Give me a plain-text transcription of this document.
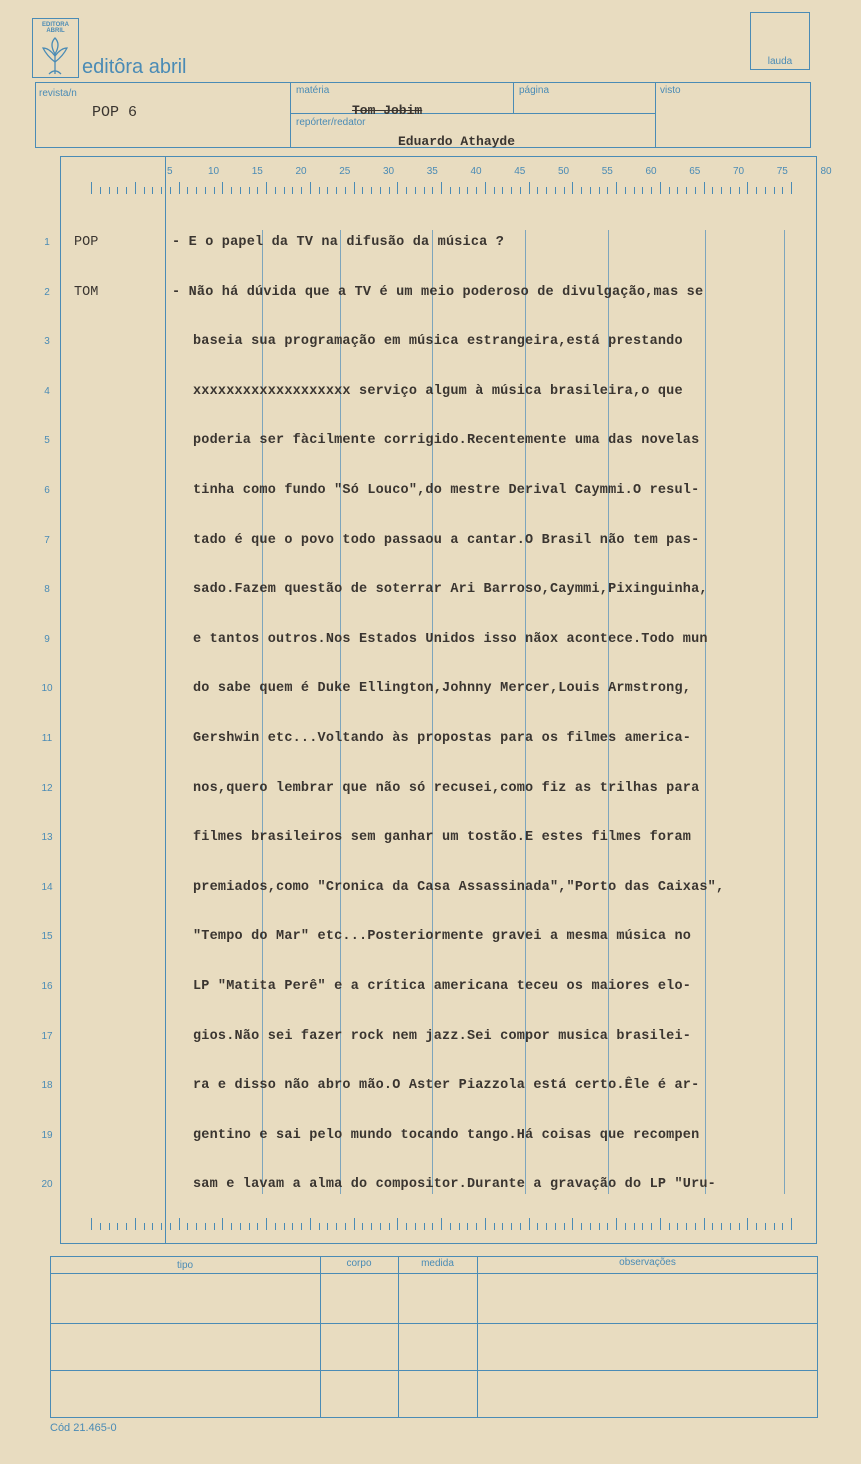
EDITORA ABRIL
editôra abril	lauda
revista/n
POP 6
matéria
Tom Jobim
repórter/redator
Eduardo Athayde
página	visto
5	10	15	20	25	30	35	40	45	50	55	60	65	70	75	80
1	POP	- E o papel da TV na difusão da música ?
2	TOM	- Não há dúvida que a TV é um meio poderoso de divulgação,mas se
3	baseia sua programação em música estrangeira,está prestando
4	xxxxxxxxxxxxxxxxxxx serviço algum à música brasileira,o que
5	poderia ser fàcilmente corrigido.Recentemente uma das novelas
6	tinha como fundo "Só Louco",do mestre Derival Caymmi.O resul-
7	tado é que o povo todo passaou a cantar.O Brasil não tem pas-
8	sado.Fazem questão de soterrar Ari Barroso,Caymmi,Pixinguinha,
9	e tantos outros.Nos Estados Unidos isso nãox acontece.Todo mun
10	do sabe quem é Duke Ellington,Johnny Mercer,Louis Armstrong,
11	Gershwin etc...Voltando às propostas para os filmes america-
12	nos,quero lembrar que não só recusei,como fiz as trilhas para
13	filmes brasileiros sem ganhar um tostão.E estes filmes foram
14	premiados,como "Cronica da Casa Assassinada","Porto das Caixas",
15	"Tempo do Mar" etc...Posteriormente gravei a mesma música no
16	LP "Matita Perê" e a crítica americana teceu os maiores elo-
17	gios.Não sei fazer rock nem jazz.Sei compor musica brasilei-
18	ra e disso não abro mão.O Aster Piazzola está certo.Êle é ar-
19	gentino e sai pelo mundo tocando tango.Há coisas que recompen
20	sam e lavam a alma do compositor.Durante a gravação do LP "Uru-
tipo	corpo	medida	observações
Cód 21.465-0
